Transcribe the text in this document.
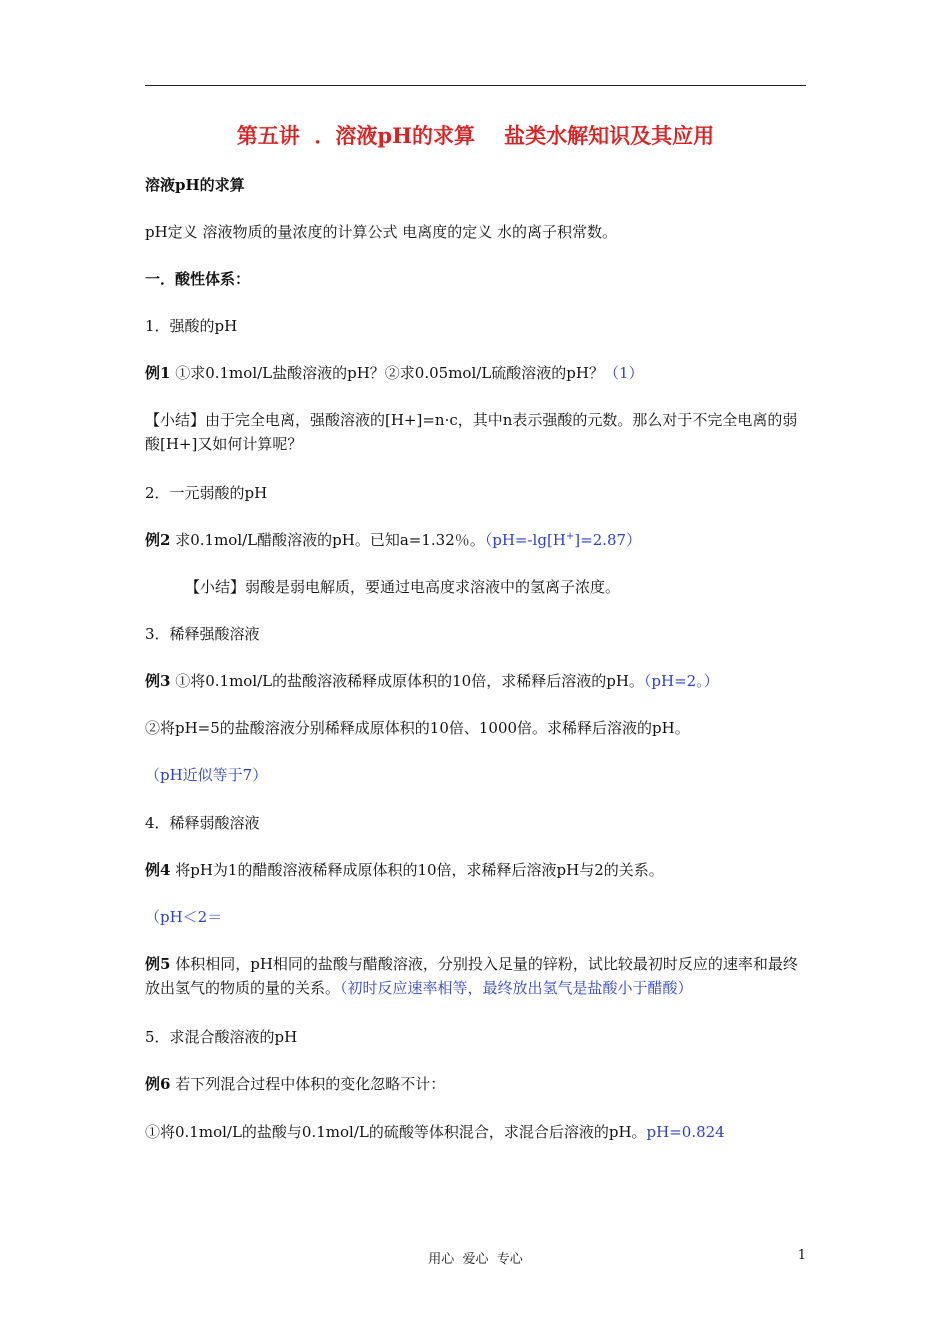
第五讲  ．溶液pH的求算    盐类水解知识及其应用
溶液pH的求算
pH定义 溶液物质的量浓度的计算公式 电离度的定义 水的离子积常数。
一．酸性体系：
1．强酸的pH
例1 ①求0.1mol/L盐酸溶液的pH？②求0.05mol/L硫酸溶液的pH？（1）
【小结】由于完全电离，强酸溶液的[H+]=n·c，其中n表示强酸的元数。那么对于不完全电离的弱酸[H+]又如何计算呢？
2．一元弱酸的pH
例2 求0.1mol/L醋酸溶液的pH。已知a=1.32％。（pH=-lg[H+]=2.87）
【小结】弱酸是弱电解质，要通过电高度求溶液中的氢离子浓度。
3．稀释强酸溶液
例3 ①将0.1mol/L的盐酸溶液稀释成原体积的10倍，求稀释后溶液的pH。（pH=2。）
②将pH=5的盐酸溶液分别稀释成原体积的10倍、1000倍。求稀释后溶液的pH。
（pH近似等于7）
4．稀释弱酸溶液
例4 将pH为1的醋酸溶液稀释成原体积的10倍，求稀释后溶液pH与2的关系。
（pH＜2＝
例5 体积相同，pH相同的盐酸与醋酸溶液，分别投入足量的锌粉，试比较最初时反应的速率和最终放出氢气的物质的量的关系。（初时反应速率相等，最终放出氢气是盐酸小于醋酸）
5．求混合酸溶液的pH
例6 若下列混合过程中体积的变化忽略不计：
①将0.1mol/L的盐酸与0.1mol/L的硫酸等体积混合，求混合后溶液的pH。pH=0.824
用心  爱心  专心	1
